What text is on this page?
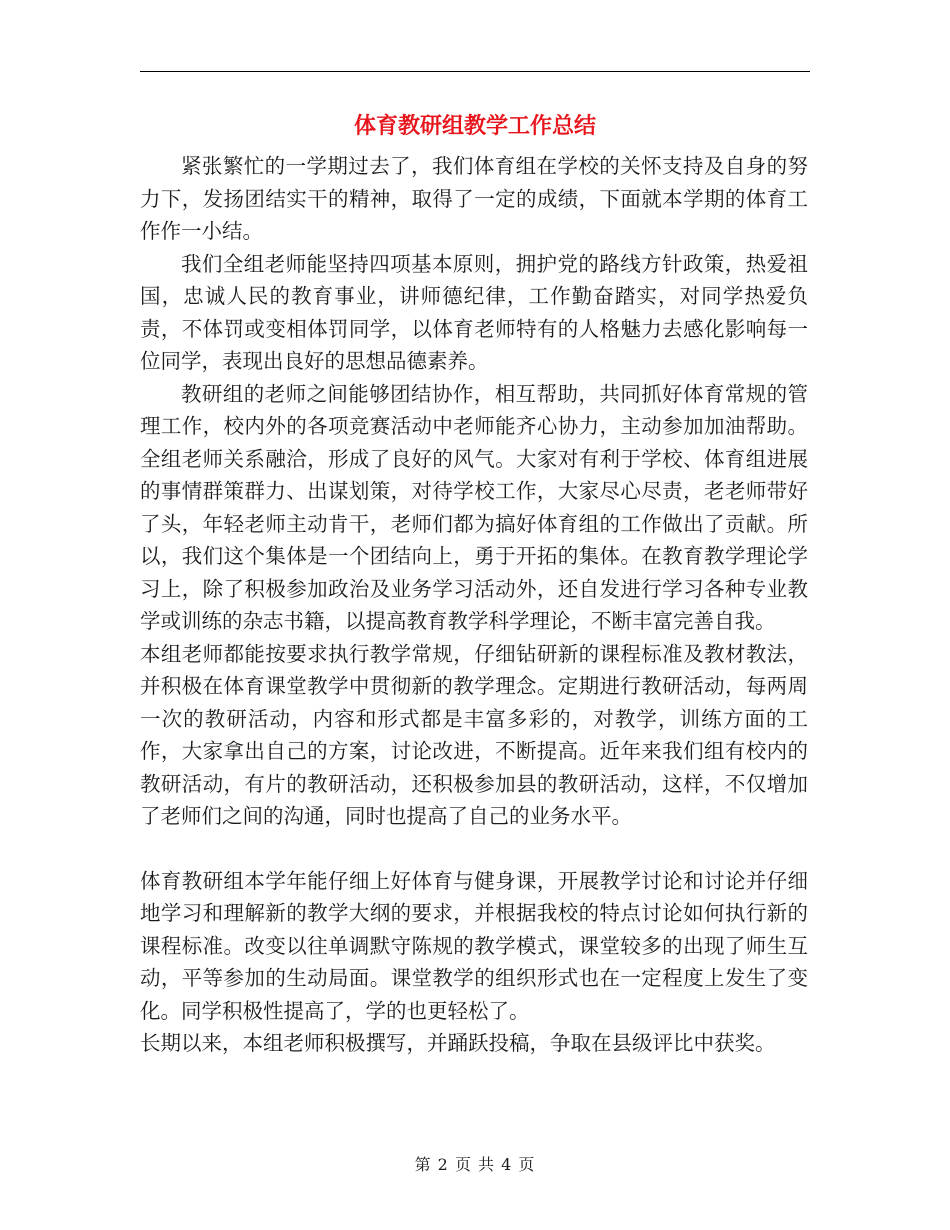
体育教研组教学工作总结

紧张繁忙的一学期过去了，我们体育组在学校的关怀支持及自身的努力下，发扬团结实干的精神，取得了一定的成绩，下面就本学期的体育工作作一小结。

我们全组老师能坚持四项基本原则，拥护党的路线方针政策，热爱祖国，忠诚人民的教育事业，讲师德纪律，工作勤奋踏实，对同学热爱负责，不体罚或变相体罚同学，以体育老师特有的人格魅力去感化影响每一位同学，表现出良好的思想品德素养。

教研组的老师之间能够团结协作，相互帮助，共同抓好体育常规的管理工作，校内外的各项竞赛活动中老师能齐心协力，主动参加加油帮助。全组老师关系融洽，形成了良好的风气。大家对有利于学校、体育组进展的事情群策群力、出谋划策，对待学校工作，大家尽心尽责，老老师带好了头，年轻老师主动肯干，老师们都为搞好体育组的工作做出了贡献。所以，我们这个集体是一个团结向上，勇于开拓的集体。在教育教学理论学习上，除了积极参加政治及业务学习活动外，还自发进行学习各种专业教学或训练的杂志书籍，以提高教育教学科学理论，不断丰富完善自我。

本组老师都能按要求执行教学常规，仔细钻研新的课程标准及教材教法，并积极在体育课堂教学中贯彻新的教学理念。定期进行教研活动，每两周一次的教研活动，内容和形式都是丰富多彩的，对教学，训练方面的工作，大家拿出自己的方案，讨论改进，不断提高。近年来我们组有校内的教研活动，有片的教研活动，还积极参加县的教研活动，这样，不仅增加了老师们之间的沟通，同时也提高了自己的业务水平。

体育教研组本学年能仔细上好体育与健身课，开展教学讨论和讨论并仔细地学习和理解新的教学大纲的要求，并根据我校的特点讨论如何执行新的课程标准。改变以往单调默守陈规的教学模式，课堂较多的出现了师生互动，平等参加的生动局面。课堂教学的组织形式也在一定程度上发生了变化。同学积极性提高了，学的也更轻松了。

长期以来，本组老师积极撰写，并踊跃投稿，争取在县级评比中获奖。

第 2 页 共 4 页
